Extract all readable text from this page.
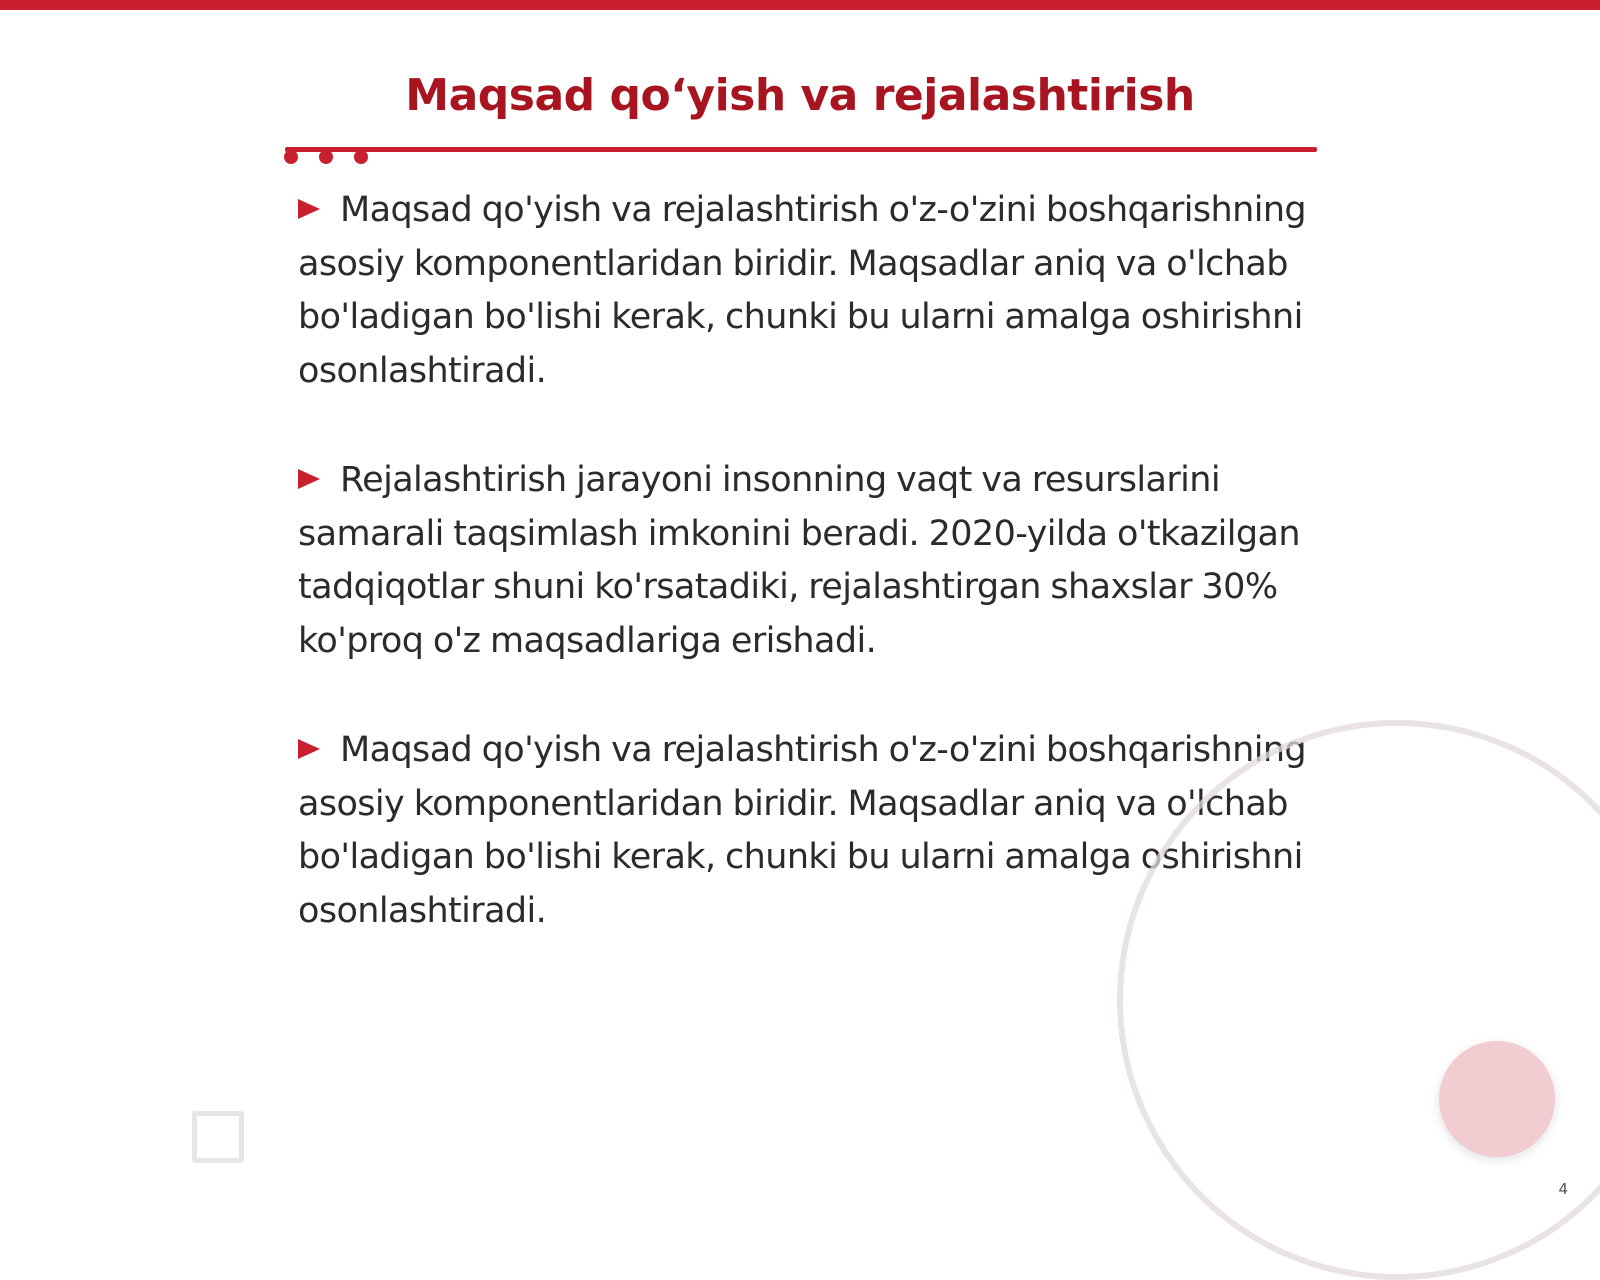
Maqsad qo‘yish va rejalashtirish

Maqsad qo'yish va rejalashtirish o'z-o'zini boshqarishning asosiy komponentlaridan biridir. Maqsadlar aniq va o'lchab bo'ladigan bo'lishi kerak, chunki bu ularni amalga oshirishni osonlashtiradi.

Rejalashtirish jarayoni insonning vaqt va resurslarini samarali taqsimlash imkonini beradi. 2020-yilda o'tkazilgan tadqiqotlar shuni ko'rsatadiki, rejalashtirgan shaxslar 30% ko'proq o'z maqsadlariga erishadi.

Maqsad qo'yish va rejalashtirish o'z-o'zini boshqarishning asosiy komponentlaridan biridir. Maqsadlar aniq va o'lchab bo'ladigan bo'lishi kerak, chunki bu ularni amalga oshirishni osonlashtiradi.

4
